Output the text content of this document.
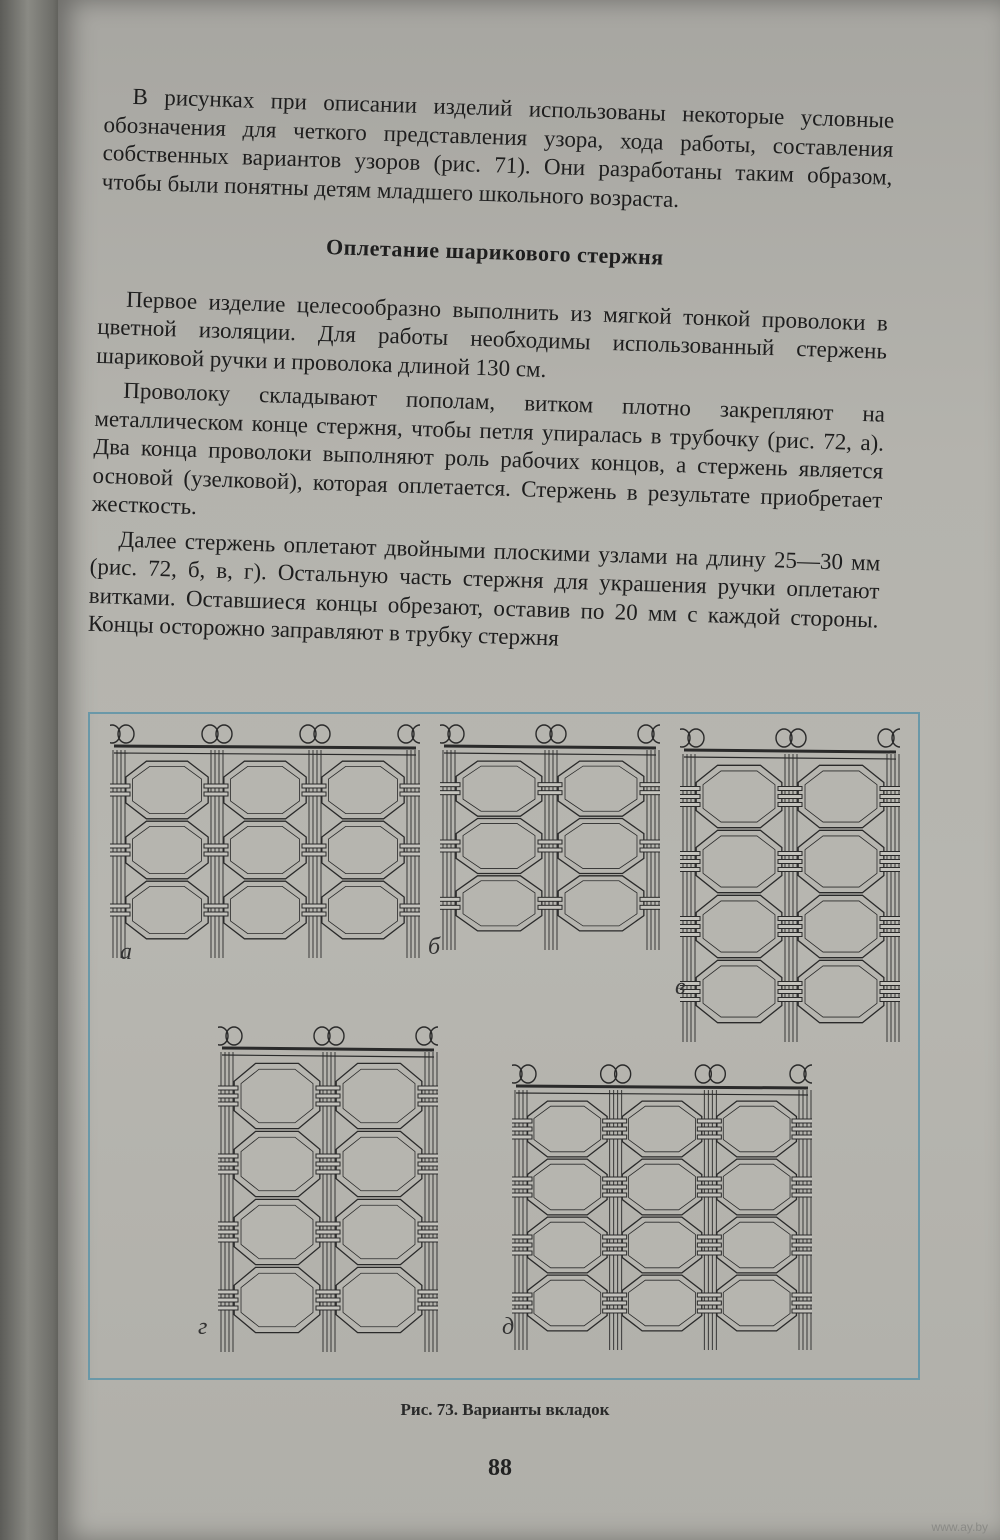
В рисунках при описании изделий использованы некоторые условные обозначения для четкого представления узора, хода работы, составления собственных вариантов узоров (рис. 71). Они разработаны таким образом, чтобы были понятны детям младшего школьного возраста.

Оплетание шарикового стержня

Первое изделие целесообразно выполнить из мягкой тонкой проволоки в цветной изоляции. Для работы необходимы использованный стержень шариковой ручки и проволока длиной 130 см.

Проволоку складывают пополам, витком плотно закрепляют на металлическом конце стержня, чтобы петля упиралась в трубочку (рис. 72, а). Два конца проволоки выполняют роль рабочих концов, а стержень является основой (узелковой), которая оплетается. Стержень в результате приобретает жесткость.

Далее стержень оплетают двойными плоскими узлами на длину 25—30 мм (рис. 72, б, в, г). Остальную часть стержня для украшения ручки оплетают витками. Оставшиеся концы обрезают, оставив по 20 мм с каждой стороны. Концы осторожно заправляют в трубку стержня

а	б
в
г	д
Рис. 73. Варианты вкладок
88
www.ay.by
